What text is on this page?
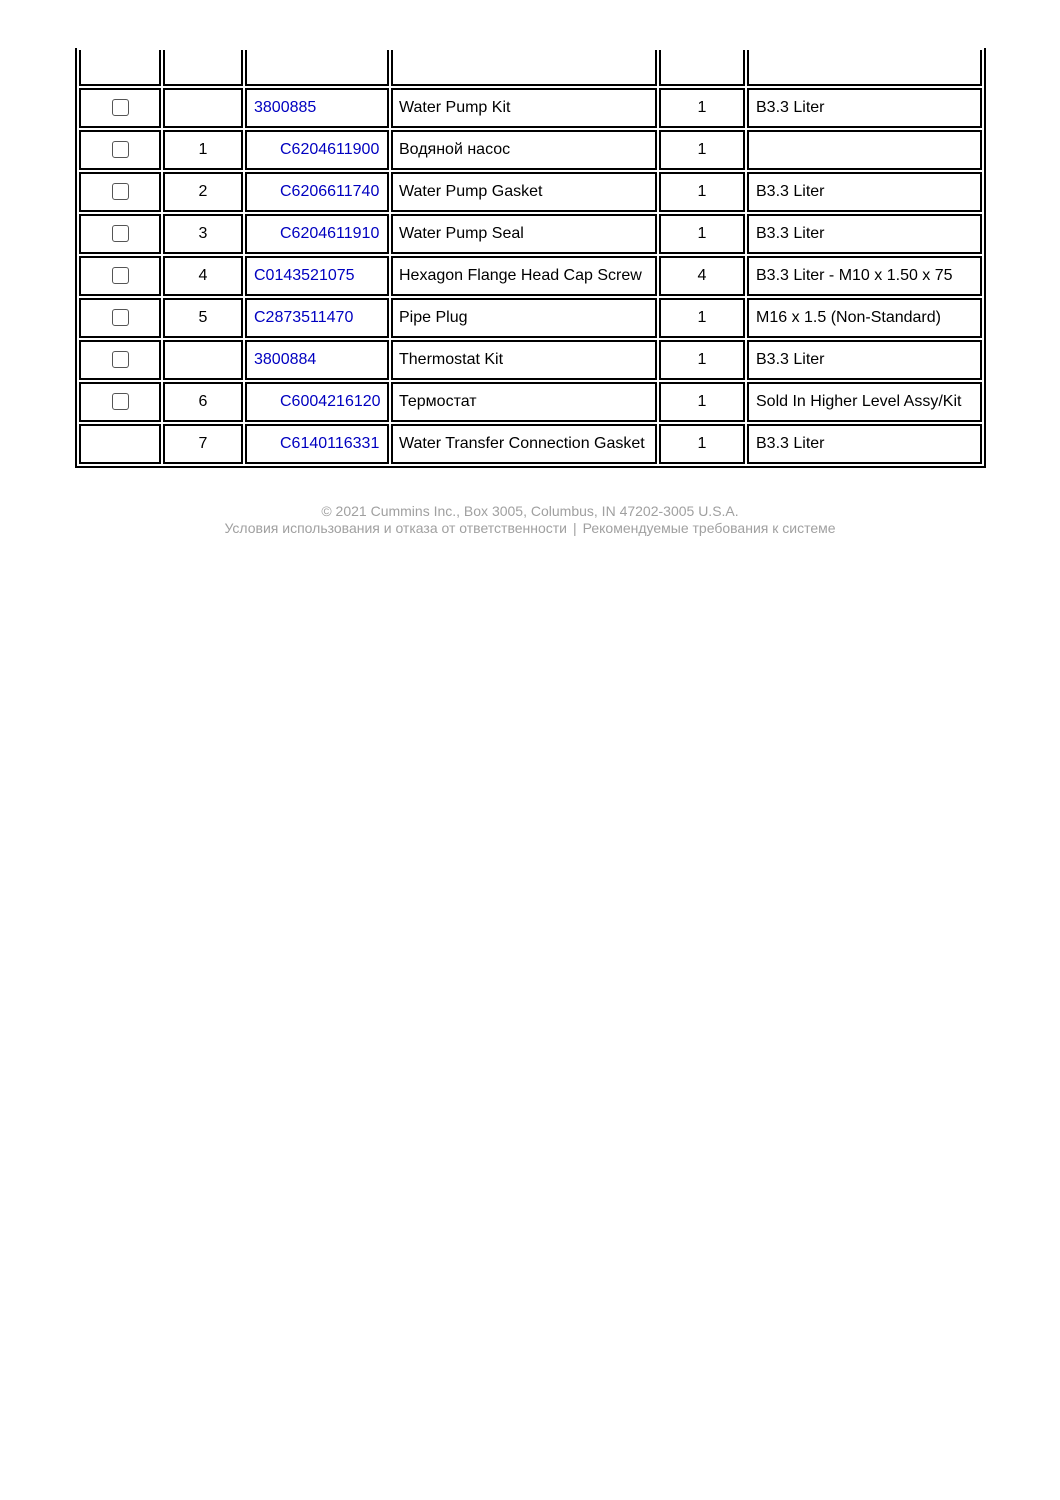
		3800885	Water Pump Kit	1	B3.3 Liter
	1	C6204611900	Водяной насос	1	
	2	C6206611740	Water Pump Gasket	1	B3.3 Liter
	3	C6204611910	Water Pump Seal	1	B3.3 Liter
	4	C0143521075	Hexagon Flange Head Cap Screw	4	B3.3 Liter - M10 x 1.50 x 75
	5	C2873511470	Pipe Plug	1	M16 x 1.5 (Non-Standard)

		3800884	Thermostat Kit	1	B3.3 Liter
	6	C6004216120	Термостат	1	Sold In Higher Level Assy/Kit
	7	C6140116331	Water Transfer Connection Gasket	1	B3.3 Liter
© 2021 Cummins Inc., Box 3005, Columbus, IN 47202-3005 U.S.A.
Условия использования и отказа от ответственности | Рекомендуемые требования к системе
